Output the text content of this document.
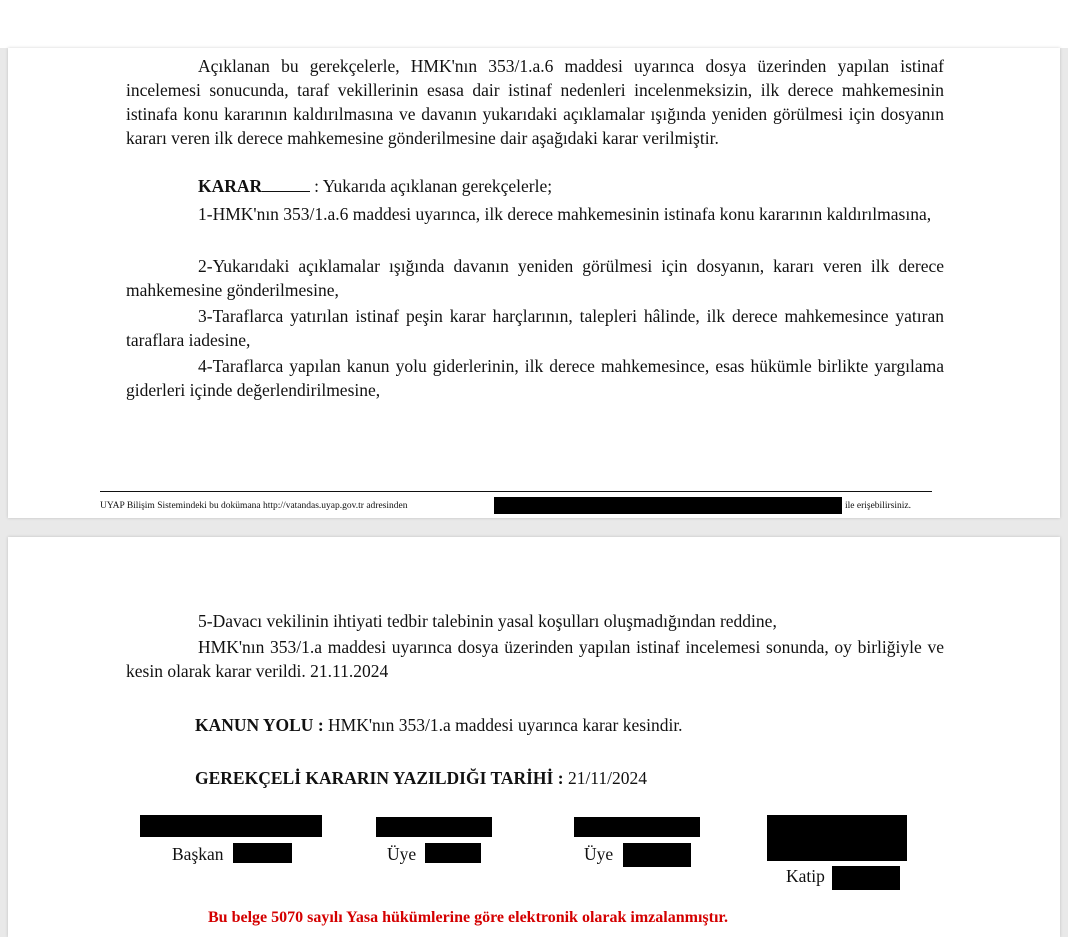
Açıklanan bu gerekçelerle, HMK'nın 353/1.a.6 maddesi uyarınca dosya üzerinden yapılan istinaf incelemesi sonucunda, taraf vekillerinin esasa dair istinaf nedenleri incelenmeksizin, ilk derece mahkemesinin istinafa konu kararının kaldırılmasına ve davanın yukarıdaki açıklamalar ışığında yeniden görülmesi için dosyanın kararı veren ilk derece mahkemesine gönderilmesine dair aşağıdaki karar verilmiştir.

KARAR	: Yukarıda açıklanan gerekçelerle;

1-HMK'nın 353/1.a.6 maddesi uyarınca, ilk derece mahkemesinin istinafa konu kararının kaldırılmasına,

2-Yukarıdaki açıklamalar ışığında davanın yeniden görülmesi için dosyanın, kararı veren ilk derece mahkemesine gönderilmesine,

3-Taraflarca yatırılan istinaf peşin karar harçlarının, talepleri hâlinde, ilk derece mahkemesince yatıran taraflara iadesine,

4-Taraflarca yapılan kanun yolu giderlerinin, ilk derece mahkemesince, esas hükümle birlikte yargılama giderleri içinde değerlendirilmesine,

UYAP Bilişim Sistemindeki bu dokümana http://vatandas.uyap.gov.tr adresinden	ile erişebilirsiniz.

5-Davacı vekilinin ihtiyati tedbir talebinin yasal koşulları oluşmadığından reddine,

HMK'nın 353/1.a maddesi uyarınca dosya üzerinden yapılan istinaf incelemesi sonunda, oy birliğiyle ve kesin olarak karar verildi. 21.11.2024

KANUN YOLU : HMK'nın 353/1.a maddesi uyarınca karar kesindir.
GEREKÇELİ KARARIN YAZILDIĞI TARİHİ : 21/11/2024
Başkan	Üye	Üye
Katip
Bu belge 5070 sayılı Yasa hükümlerine göre elektronik olarak imzalanmıştır.
